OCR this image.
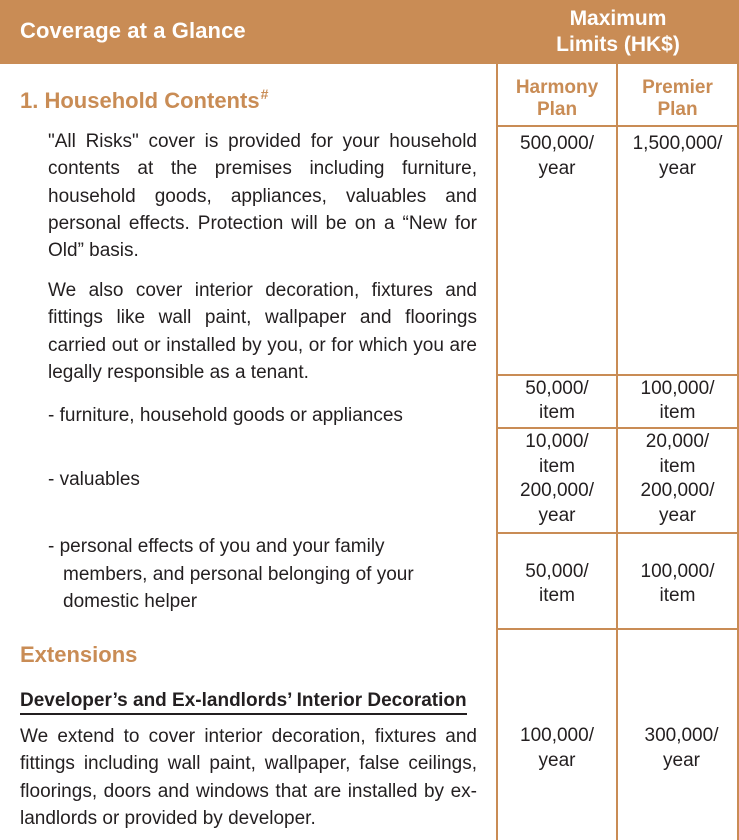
Coverage at a Glance	Maximum
Limits (HK$)
Harmony
Plan
Premier
Plan
1. Household Contents#

"All Risks" cover is provided for your household contents at the premises including furniture, household goods, appliances, valuables and personal effects. Protection will be on a “New for Old” basis.

We also cover interior decoration, fixtures and fittings like wall paint, wallpaper and floorings carried out or installed by you, or for which you are legally responsible as a tenant.

- furniture, household goods or appliances
- valuables
- personal effects of you and your family
members, and personal belonging of your
domestic helper
500,000/
year
1,500,000/
year
50,000/
item
100,000/
item
10,000/
item
200,000/
year
20,000/
item
200,000/
year
50,000/
item
100,000/
item
100,000/
year
300,000/
year
Extensions
Developer’s and Ex-landlords’ Interior Decoration

We extend to cover interior decoration, fixtures and fittings including wall paint, wallpaper, false ceilings, floorings, doors and windows that are installed by ex-landlords or provided by developer.
